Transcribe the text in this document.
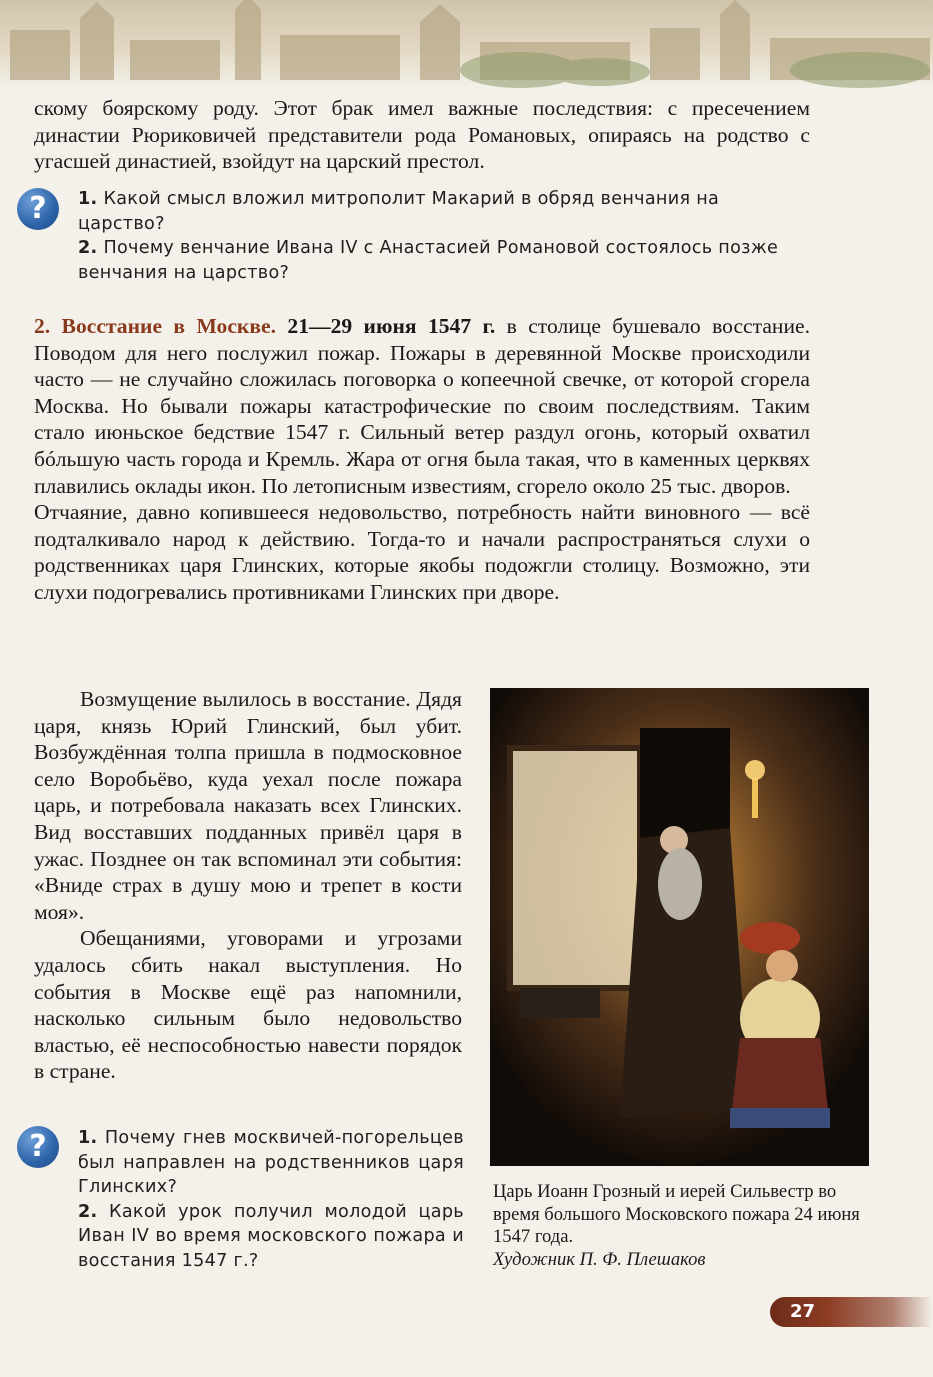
скому боярскому роду. Этот брак имел важные последствия: с пресечением династии Рюриковичей представители рода Романовых, опираясь на родство с угасшей династией, взойдут на царский престол.

?	1. Какой смысл вложил митрополит Макарий в обряд венчания на царство?
2. Почему венчание Ивана IV с Анастасией Романовой состоялось позже венчания на царство?

2. Восстание в Москве. 21—29 июня 1547 г. в столице бушевало восстание. Поводом для него послужил пожар. Пожары в деревянной Москве происходили часто — не случайно сложилась поговорка о копеечной свечке, от которой сгорела Москва. Но бывали пожары катастрофические по своим последствиям. Таким стало июньское бедствие 1547 г. Сильный ветер раздул огонь, который охватил бóльшую часть города и Кремль. Жара от огня была такая, что в каменных церквях плавились оклады икон. По летописным известиям, сгорело около 25 тыс. дворов.

Отчаяние, давно копившееся недовольство, потребность найти виновного — всё подталкивало народ к действию. Тогда-то и начали распространяться слухи о родственниках царя Глинских, которые якобы подожгли столицу. Возможно, эти слухи подогревались противниками Глинских при дворе.

Возмущение вылилось в восстание. Дядя царя, князь Юрий Глинский, был убит. Возбуждённая толпа пришла в подмосковное село Воробьёво, куда уехал после пожара царь, и потребовала наказать всех Глинских. Вид восставших подданных привёл царя в ужас. Позднее он так вспоминал эти события: «Вниде страх в душу мою и трепет в кости моя».

Обещаниями, уговорами и угрозами удалось сбить накал выступления. Но события в Москве ещё раз напомнили, насколько сильным было недовольство властью, её неспособностью навести порядок в стране.

Царь Иоанн Грозный и иерей Сильвестр во время большого Московского пожара 24 июня 1547 года.
Художник П. Ф. Плешаков
?	1. Почему гнев москвичей-погорельцев был направлен на родственников царя Глинских?
2. Какой урок получил молодой царь Иван IV во время московского пожара и восстания 1547 г.?
27
